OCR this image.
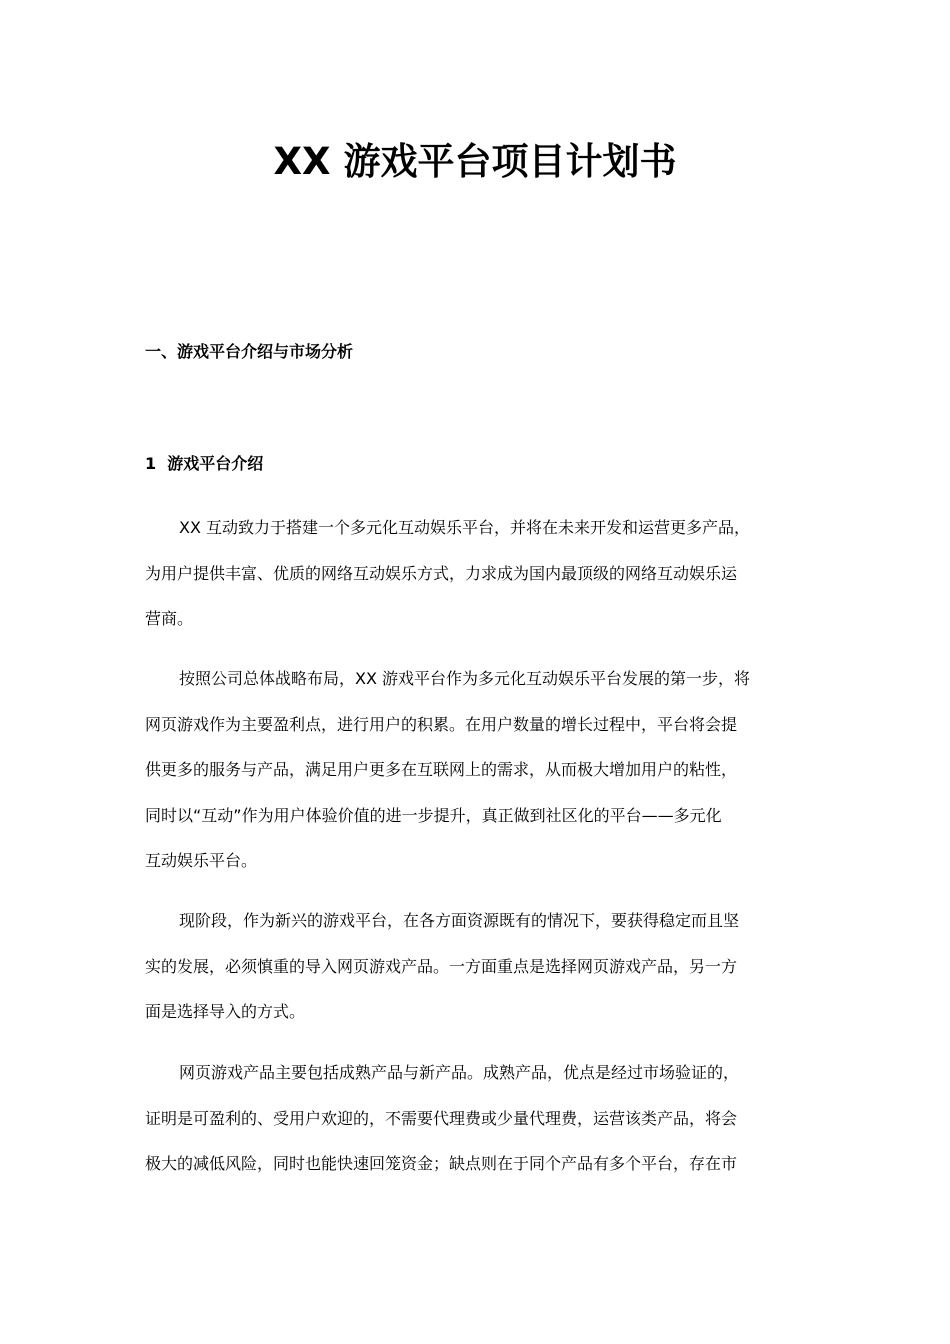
XX 游戏平台项目计划书
一、游戏平台介绍与市场分析
1  游戏平台介绍
XX 互动致力于搭建一个多元化互动娱乐平台，并将在未来开发和运营更多产品，
为用户提供丰富、优质的网络互动娱乐方式，力求成为国内最顶级的网络互动娱乐运
营商。
按照公司总体战略布局，XX 游戏平台作为多元化互动娱乐平台发展的第一步，将
网页游戏作为主要盈利点，进行用户的积累。在用户数量的增长过程中，平台将会提
供更多的服务与产品，满足用户更多在互联网上的需求，从而极大增加用户的粘性，
同时以“互动”作为用户体验价值的进一步提升，真正做到社区化的平台——多元化
互动娱乐平台。
现阶段，作为新兴的游戏平台，在各方面资源既有的情况下，要获得稳定而且坚
实的发展，必须慎重的导入网页游戏产品。一方面重点是选择网页游戏产品，另一方
面是选择导入的方式。
网页游戏产品主要包括成熟产品与新产品。成熟产品，优点是经过市场验证的，
证明是可盈利的、受用户欢迎的，不需要代理费或少量代理费，运营该类产品，将会
极大的减低风险，同时也能快速回笼资金；缺点则在于同个产品有多个平台，存在市
